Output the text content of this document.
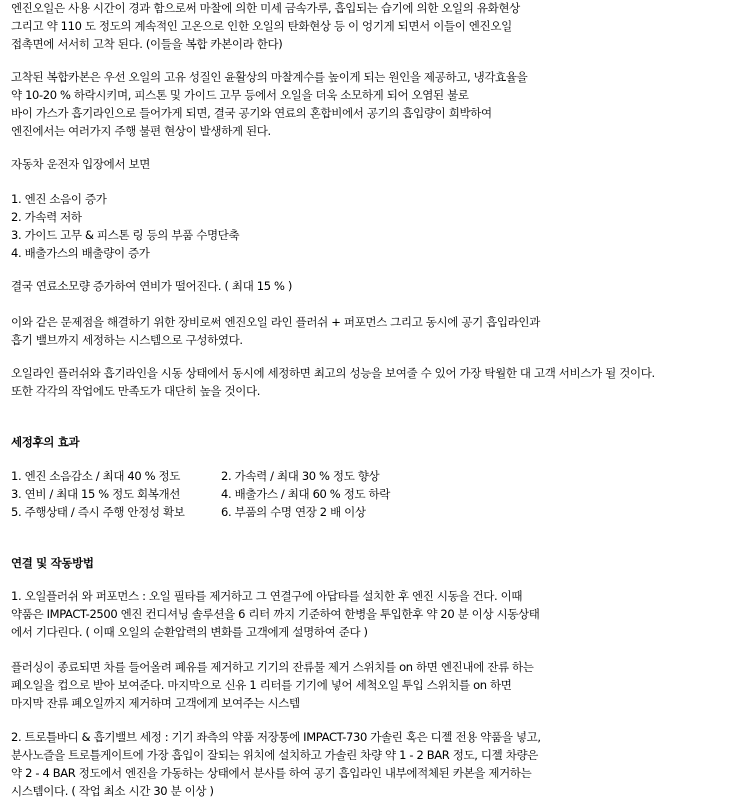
엔진오일은 사용 시간이 경과 함으로써 마찰에 의한 미세 금속가루, 흡입되는 습기에 의한 오일의 유화현상
그리고 약 110 도 정도의 계속적인 고온으로 인한 오일의 탄화현상 등 이 엉기게 되면서 이들이 엔진오일
접촉면에 서서히 고착 된다. (이들을 복합 카본이라 한다)
고착된 복합카본은 우선 오일의 고유 성질인 윤활상의 마찰계수를 높이게 되는 원인을 제공하고, 냉각효율을
약 10-20 % 하락시키며, 피스톤 및 가이드 고무 등에서 오일을 더욱 소모하게 되어 오염된 불로
바이 가스가 흡기라인으로 들어가게 되면, 결국 공기와 연료의 혼합비에서 공기의 흡입량이 희박하여
엔진에서는 여러가지 주행 불편 현상이 발생하게 된다.
자동차 운전자 입장에서 보면
1. 엔진 소음이 증가
2. 가속력 저하
3. 가이드 고무 & 피스톤 링 등의 부품 수명단축
4. 배출가스의 배출량이 증가
결국 연료소모량 증가하여 연비가 떨어진다. ( 최대 15 % )
이와 같은 문제점을 해결하기 위한 장비로써 엔진오일 라인 플러쉬 + 퍼포먼스 그리고 동시에 공기 흡입라인과
흡기 밸브까지 세정하는 시스템으로 구성하였다.
오일라인 플러쉬와 흡기라인을 시동 상태에서 동시에 세정하면 최고의 성능을 보여줄 수 있어 가장 탁월한 대 고객 서비스가 될 것이다.
또한 각각의 작업에도 만족도가 대단히 높을 것이다.
세정후의 효과
1. 엔진 소음감소 / 최대 40 % 정도	2. 가속력 / 최대 30 % 정도 향상
3. 연비 / 최대 15 % 정도 회복개선	4. 배출가스 / 최대 60 % 정도 하락
5. 주행상태 / 즉시 주행 안정성 확보	6. 부품의 수명 연장 2 배 이상
연결 및 작동방법
1. 오일플러쉬 와 퍼포먼스 : 오일 필타를 제거하고 그 연결구에 아답타를 설치한 후 엔진 시동을 건다. 이때
약품은 IMPACT-2500 엔진 컨디셔닝 솔루션을 6 리터 까지 기준하여 한병을 투입한후 약 20 분 이상 시동상태
에서 기다린다. ( 이때 오일의 순환압력의 변화를 고객에게 설명하여 준다 )
플러싱이 종료되면 차를 들어올려 폐유를 제거하고 기기의 잔류물 제거 스위치를 on 하면 엔진내에 잔류 하는
폐오일을 컵으로 받아 보여준다. 마지막으로 신유 1 리터를 기기에 넣어 세척오일 투입 스위치를 on 하면
마지막 잔류 폐오일까지 제거하며 고객에게 보여주는 시스템
2. 트로틀바디 & 흡기밸브 세정 : 기기 좌측의 약품 저장통에 IMPACT-730 가솔린 혹은 디젤 전용 약품을 넣고,
분사노즐을 트로틀게이트에 가장 흡입이 잘되는 위치에 설치하고 가솔린 차량 약 1 - 2 BAR 정도, 디젤 차량은
약 2 - 4 BAR 정도에서 엔진을 가동하는 상태에서 분사를 하여 공기 흡입라인 내부에적체된 카본을 제거하는
시스템이다. ( 작업 최소 시간 30 분 이상 )
